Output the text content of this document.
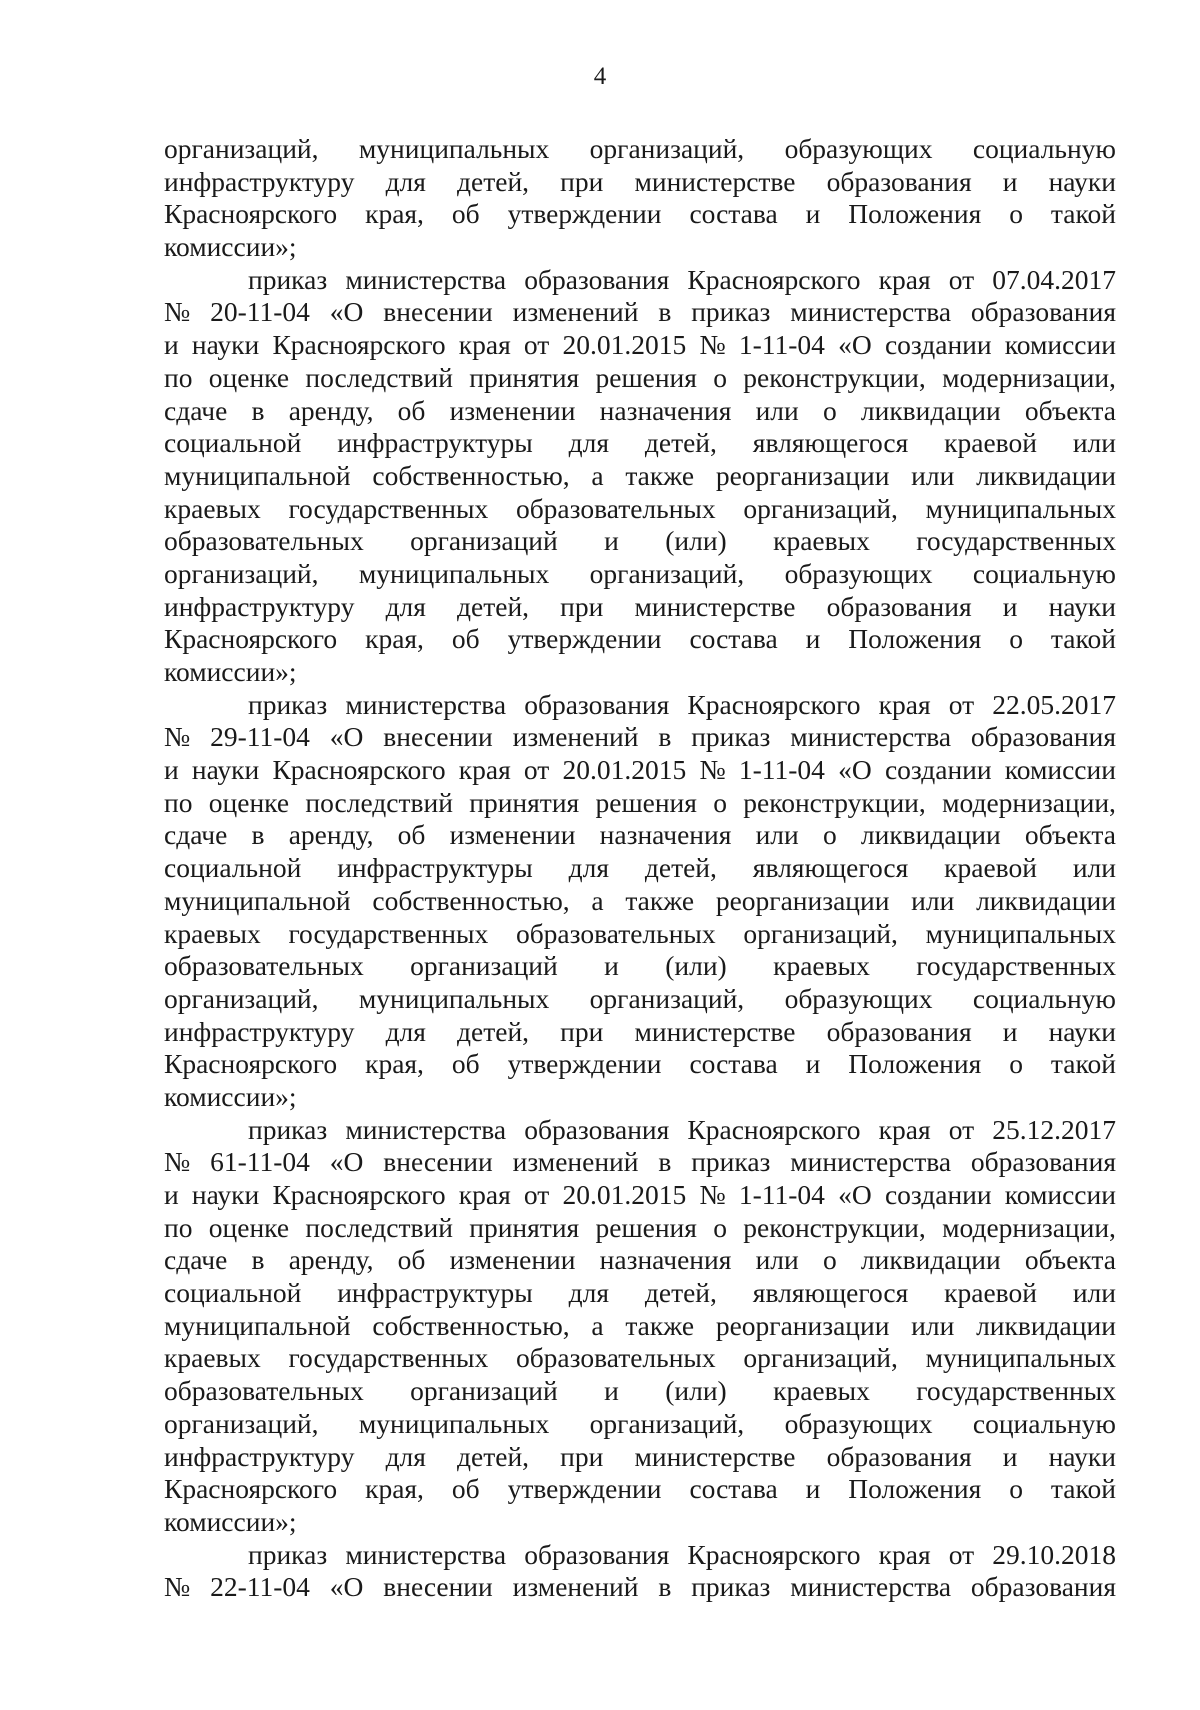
4
организаций, муниципальных организаций, образующих социальную
инфраструктуру для детей, при министерстве образования и науки
Красноярского края, об утверждении состава и Положения о такой
комиссии»;
приказ министерства образования Красноярского края от 07.04.2017
№ 20-11-04 «О внесении изменений в приказ министерства образования
и науки Красноярского края от 20.01.2015 № 1-11-04 «О создании комиссии
по оценке последствий принятия решения о реконструкции, модернизации,
сдаче в аренду, об изменении назначения или о ликвидации объекта
социальной инфраструктуры для детей, являющегося краевой или
муниципальной собственностью, а также реорганизации или ликвидации
краевых государственных образовательных организаций, муниципальных
образовательных организаций и (или) краевых государственных
организаций, муниципальных организаций, образующих социальную
инфраструктуру для детей, при министерстве образования и науки
Красноярского края, об утверждении состава и Положения о такой
комиссии»;
приказ министерства образования Красноярского края от 22.05.2017
№ 29-11-04 «О внесении изменений в приказ министерства образования
и науки Красноярского края от 20.01.2015 № 1-11-04 «О создании комиссии
по оценке последствий принятия решения о реконструкции, модернизации,
сдаче в аренду, об изменении назначения или о ликвидации объекта
социальной инфраструктуры для детей, являющегося краевой или
муниципальной собственностью, а также реорганизации или ликвидации
краевых государственных образовательных организаций, муниципальных
образовательных организаций и (или) краевых государственных
организаций, муниципальных организаций, образующих социальную
инфраструктуру для детей, при министерстве образования и науки
Красноярского края, об утверждении состава и Положения о такой
комиссии»;
приказ министерства образования Красноярского края от 25.12.2017
№ 61-11-04 «О внесении изменений в приказ министерства образования
и науки Красноярского края от 20.01.2015 № 1-11-04 «О создании комиссии
по оценке последствий принятия решения о реконструкции, модернизации,
сдаче в аренду, об изменении назначения или о ликвидации объекта
социальной инфраструктуры для детей, являющегося краевой или
муниципальной собственностью, а также реорганизации или ликвидации
краевых государственных образовательных организаций, муниципальных
образовательных организаций и (или) краевых государственных
организаций, муниципальных организаций, образующих социальную
инфраструктуру для детей, при министерстве образования и науки
Красноярского края, об утверждении состава и Положения о такой
комиссии»;
приказ министерства образования Красноярского края от 29.10.2018
№ 22-11-04 «О внесении изменений в приказ министерства образования
